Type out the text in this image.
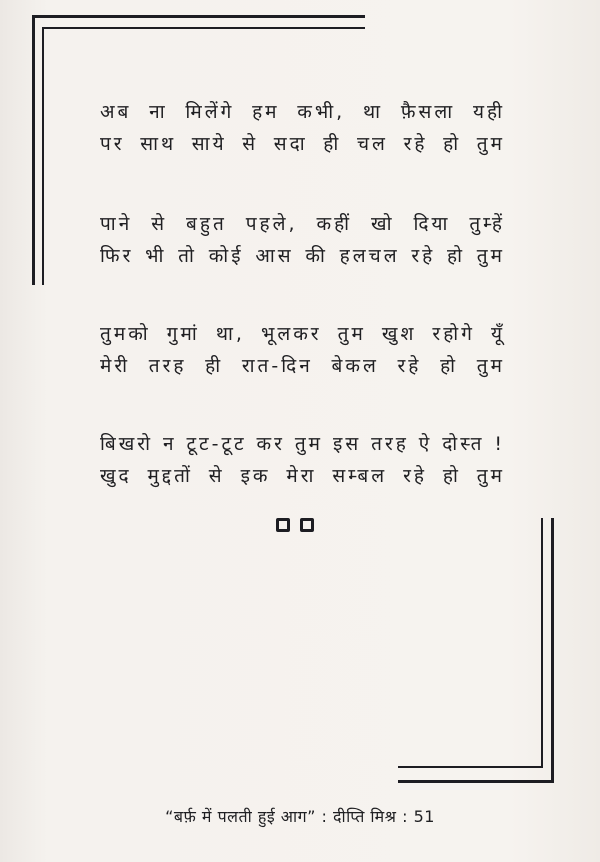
अब ना मिलेंगे हम कभी, था फ़ैसला यही
पर साथ साये से सदा ही चल रहे हो तुम
पाने से बहुत पहले, कहीं खो दिया तुम्हें
फिर भी तो कोई आस की हलचल रहे हो तुम
तुमको गुमां था, भूलकर तुम खुश रहोगे यूँ
मेरी तरह ही रात-दिन बेकल रहे हो तुम
बिखरो न टूट-टूट कर तुम इस तरह ऐ दोस्त !
खुद मुद्दतों से इक मेरा सम्बल रहे हो तुम
“बर्फ़ में पलती हुई आग” : दीप्ति मिश्र : 51
